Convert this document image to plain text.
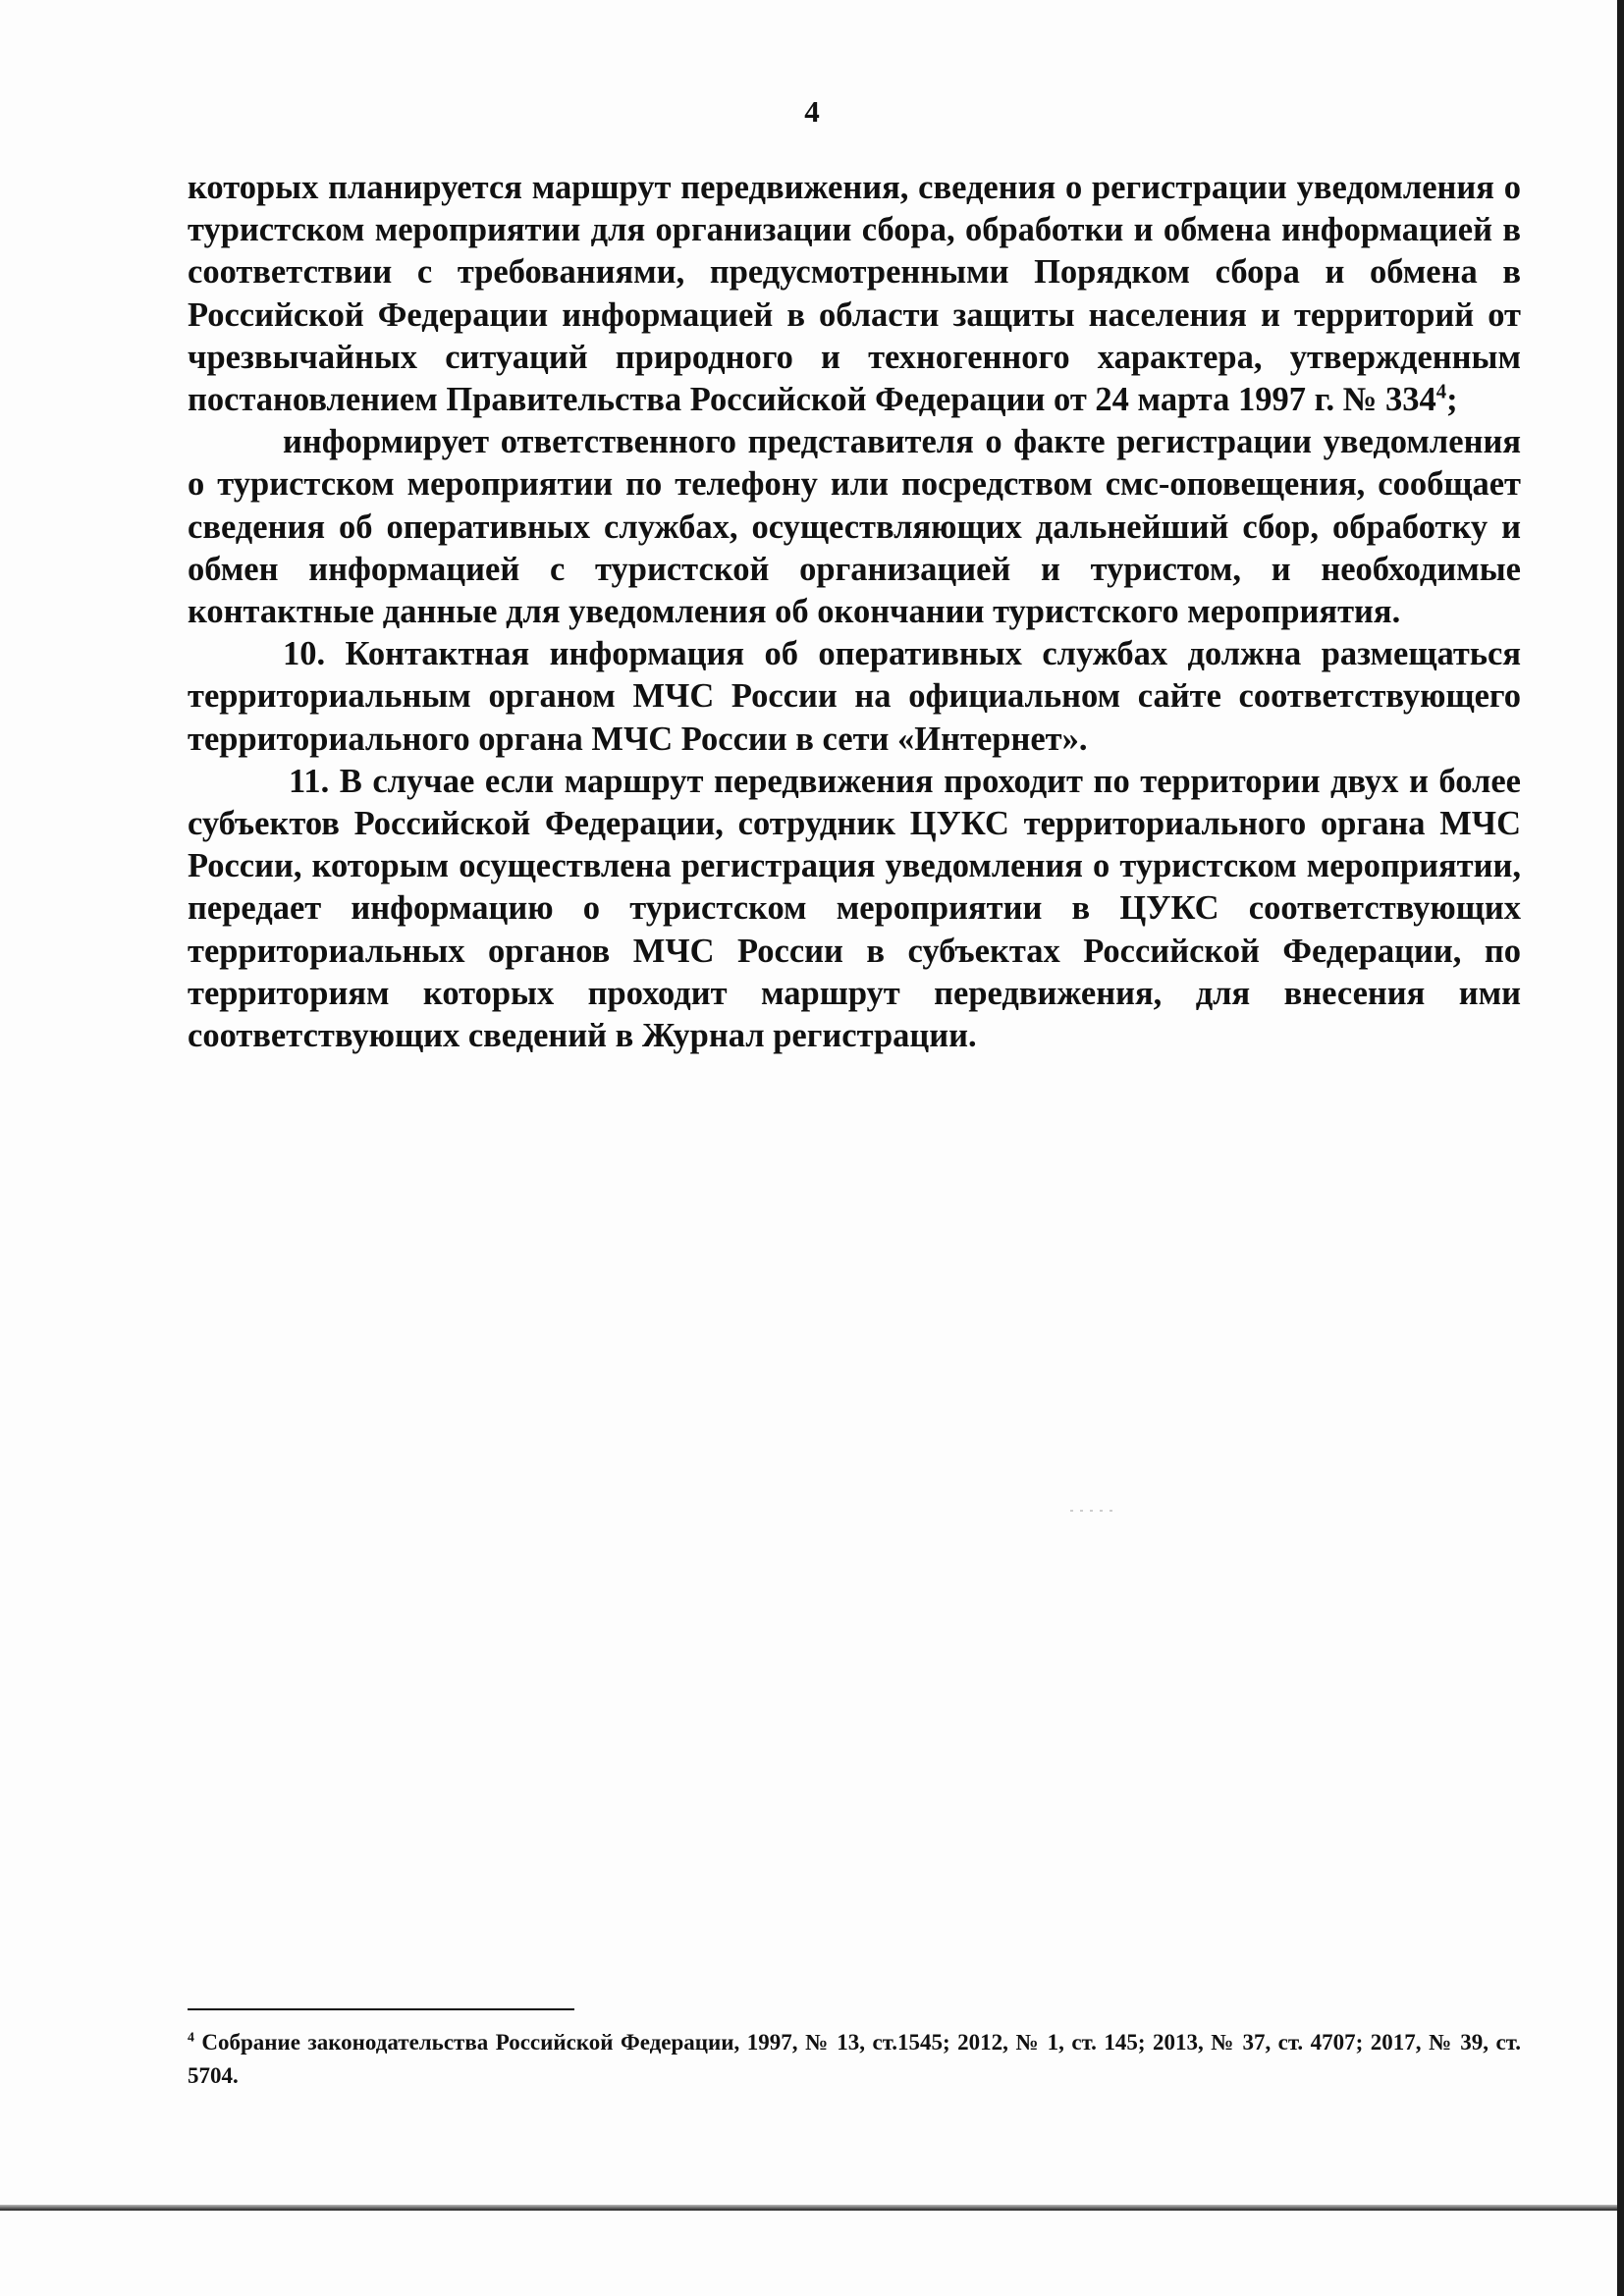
4

которых планируется маршрут передвижения, сведения о регистрации уведомления о туристском мероприятии для организации сбора, обработки и обмена информацией в соответствии с требованиями, предусмотренными Порядком сбора и обмена в Российской Федерации информацией в области защиты населения и территорий от чрезвычайных ситуаций природного и техногенного характера, утвержденным постановлением Правительства Российской Федерации от 24 марта 1997 г. № $334^4$;

информирует ответственного представителя о факте регистрации уведомления о туристском мероприятии по телефону или посредством смс-оповещения, сообщает сведения об оперативных службах, осуществляющих дальнейший сбор, обработку и обмен информацией с туристской организацией и туристом, и необходимые контактные данные для уведомления об окончании туристского мероприятия.

10. Контактная информация об оперативных службах должна размещаться территориальным органом МЧС России на официальном сайте соответствующего территориального органа МЧС России в сети «Интернет».

11. В случае если маршрут передвижения проходит по территории двух и более субъектов Российской Федерации, сотрудник ЦУКС территориального органа МЧС России, которым осуществлена регистрация уведомления о туристском мероприятии, передает информацию о туристском мероприятии в ЦУКС соответствующих территориальных органов МЧС России в субъектах Российской Федерации, по территориям которых проходит маршрут передвижения, для внесения ими соответствующих сведений в Журнал регистрации.

$^4$ Собрание законодательства Российской Федерации, 1997, № 13, ст.1545; 2012, № 1, ст. 145; 2013, № 37, ст. 4707; 2017, № 39, ст. 5704.
